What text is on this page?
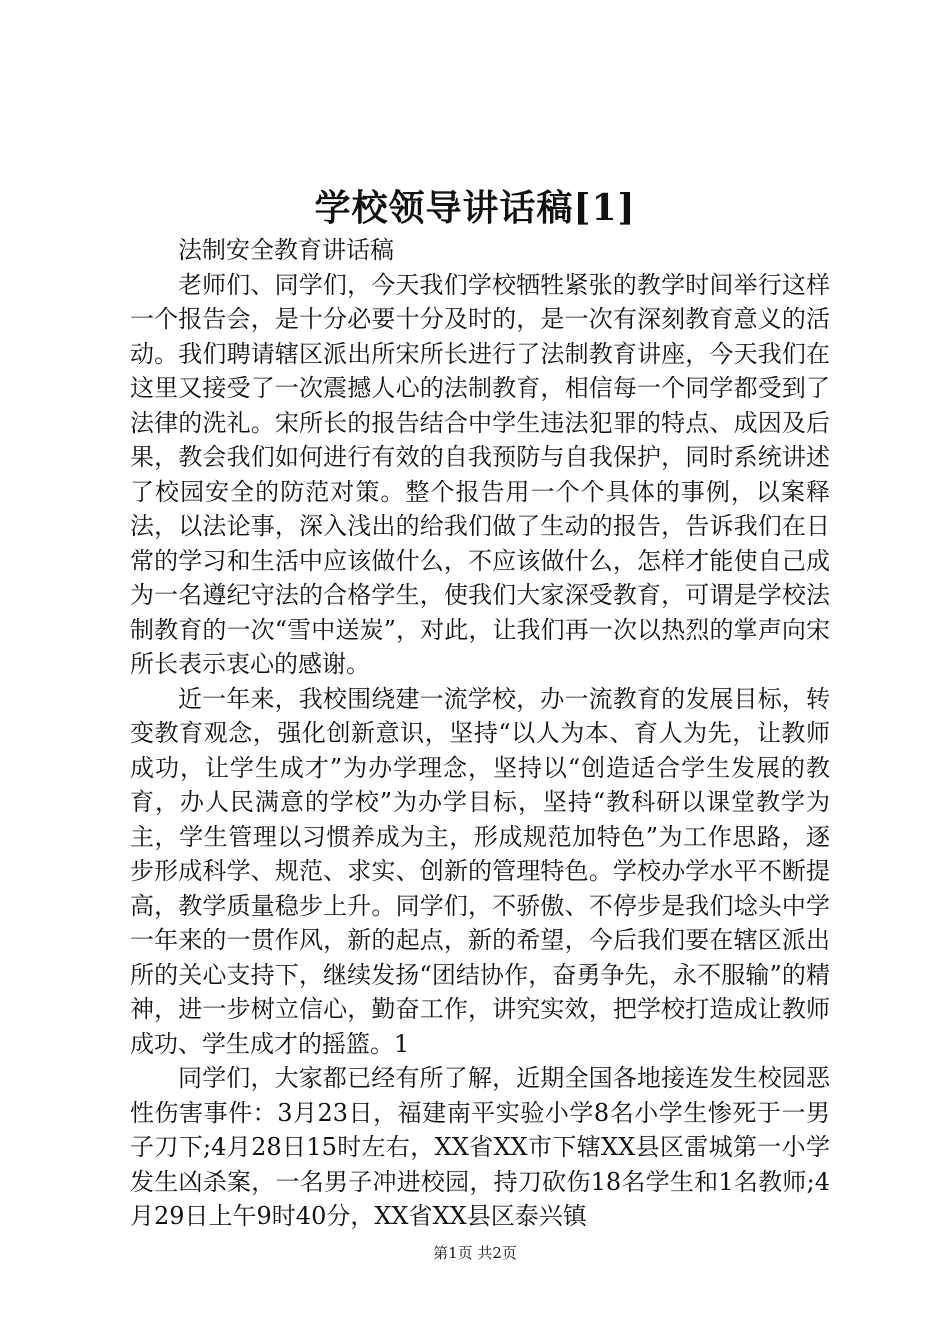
学校领导讲话稿[1]

法制安全教育讲话稿

老师们、同学们，今天我们学校牺牲紧张的教学时间举行这样一个报告会，是十分必要十分及时的，是一次有深刻教育意义的活动。我们聘请辖区派出所宋所长进行了法制教育讲座，今天我们在这里又接受了一次震撼人心的法制教育，相信每一个同学都受到了法律的洗礼。宋所长的报告结合中学生违法犯罪的特点、成因及后果，教会我们如何进行有效的自我预防与自我保护，同时系统讲述了校园安全的防范对策。整个报告用一个个具体的事例，以案释法，以法论事，深入浅出的给我们做了生动的报告，告诉我们在日常的学习和生活中应该做什么，不应该做什么，怎样才能使自己成为一名遵纪守法的合格学生，使我们大家深受教育，可谓是学校法制教育的一次“雪中送炭”，对此，让我们再一次以热烈的掌声向宋所长表示衷心的感谢。

近一年来，我校围绕建一流学校，办一流教育的发展目标，转变教育观念，强化创新意识，坚持“以人为本、育人为先，让教师成功，让学生成才”为办学理念，坚持以“创造适合学生发展的教育，办人民满意的学校”为办学目标，坚持“教科研以课堂教学为主，学生管理以习惯养成为主，形成规范加特色”为工作思路，逐步形成科学、规范、求实、创新的管理特色。学校办学水平不断提高，教学质量稳步上升。同学们，不骄傲、不停步是我们埝头中学一年来的一贯作风，新的起点，新的希望，今后我们要在辖区派出所的关心支持下，继续发扬“团结协作，奋勇争先，永不服输”的精神，进一步树立信心，勤奋工作，讲究实效，把学校打造成让教师成功、学生成才的摇篮。1

同学们，大家都已经有所了解，近期全国各地接连发生校园恶性伤害事件：3月23日，福建南平实验小学8名小学生惨死于一男子刀下;4月28日15时左右，XX省XX市下辖XX县区雷城第一小学发生凶杀案，一名男子冲进校园，持刀砍伤18名学生和1名教师;4月29日上午9时40分，XX省XX县区泰兴镇

第1页 共2页
